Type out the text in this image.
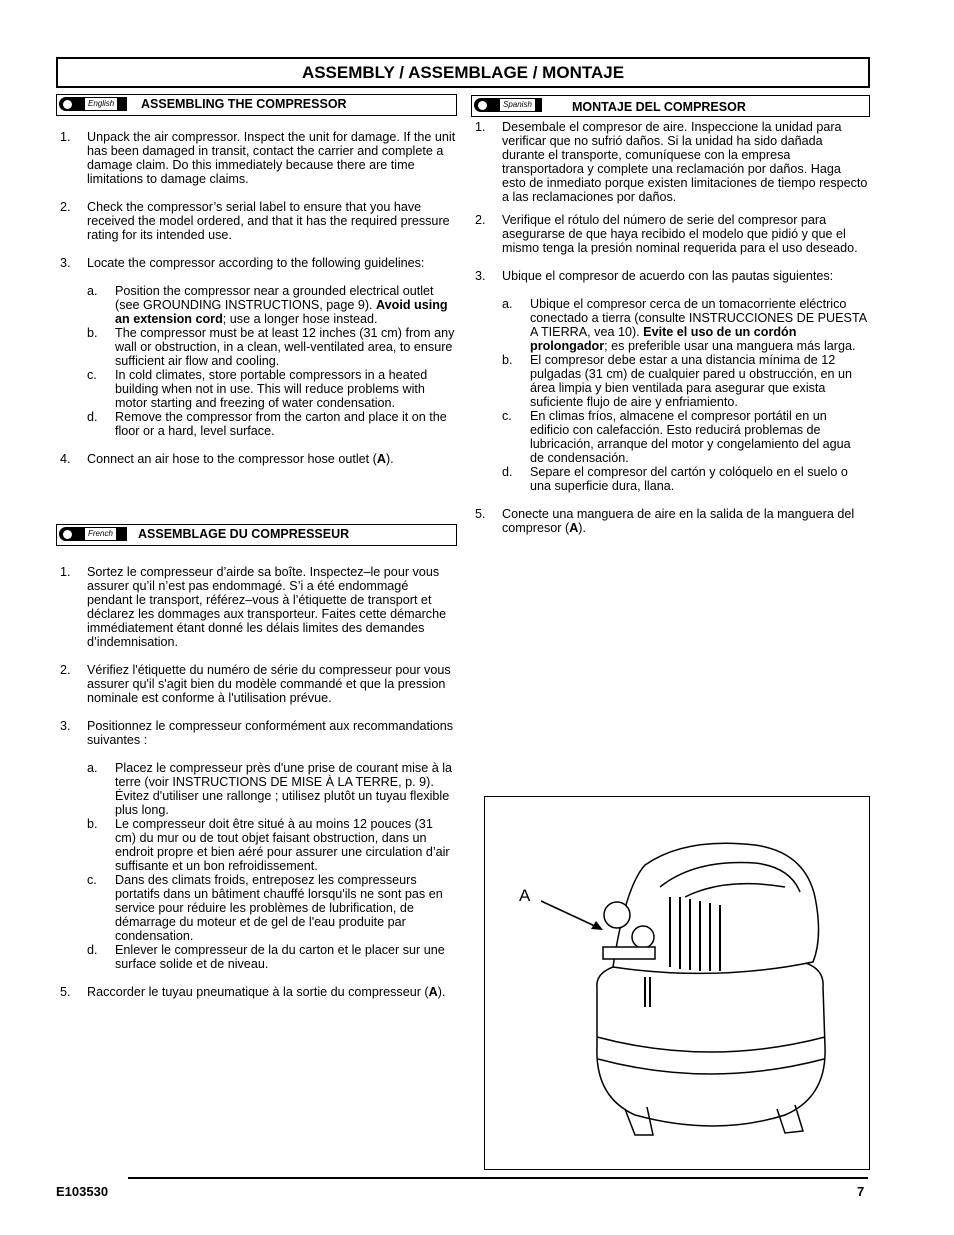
ASSEMBLY / ASSEMBLAGE / MONTAJE
English ASSEMBLING THE COMPRESSOR
1. Unpack the air compressor. Inspect the unit for damage. If the unit has been damaged in transit, contact the carrier and complete a damage claim. Do this immediately because there are time limitations to damage claims.
2. Check the compressor’s serial label to ensure that you have received the model ordered, and that it has the required pressure rating for its intended use.
3. Locate the compressor according to the following guidelines:
a. Position the compressor near a grounded electrical outlet (see GROUNDING INSTRUCTIONS, page 9). Avoid using an extension cord; use a longer hose instead.
b. The compressor must be at least 12 inches (31 cm) from any wall or obstruction, in a clean, well-ventilated area, to ensure sufficient air flow and cooling.
c. In cold climates, store portable compressors in a heated building when not in use. This will reduce problems with motor starting and freezing of water condensation.
d. Remove the compressor from the carton and place it on the floor or a hard, level surface.
4. Connect an air hose to the compressor hose outlet (A).
French ASSEMBLAGE DU COMPRESSEUR
1. Sortez le compresseur d’airde sa boîte. Inspectez–le pour vous assurer qu’il n’est pas endommagé. S’i a été endommagé pendant le transport, référez–vous à l’étiquette de transport et déclarez les dommages aux transporteur. Faites cette démarche immédiatement étant donné les délais limites des demandes d’indemnisation.
2. Vérifiez l'étiquette du numéro de série du compresseur pour vous assurer qu'il s'agit bien du modèle commandé et que la pression nominale est conforme à l'utilisation prévue.
3. Positionnez le compresseur conformément aux recommandations suivantes :
a. Placez le compresseur près d'une prise de courant mise à la terre (voir INSTRUCTIONS DE MISE À LA TERRE, p. 9). Évitez d'utiliser une rallonge ; utilisez plutôt un tuyau flexible plus long.
b. Le compresseur doit être situé à au moins 12 pouces (31 cm) du mur ou de tout objet faisant obstruction, dans un endroit propre et bien aéré pour assurer une circulation d’air suffisante et un bon refroidissement.
c. Dans des climats froids, entreposez les compresseurs portatifs dans un bâtiment chauffé lorsqu'ils ne sont pas en service pour réduire les problèmes de lubrification, de démarrage du moteur et de gel de l'eau produite par condensation.
d. Enlever le compresseur de la du carton et le placer sur une surface solide et de niveau.
5. Raccorder le tuyau pneumatique à la sortie du compresseur (A).
Spanish	MONTAJE DEL COMPRESOR
1. Desembale el compresor de aire. Inspeccione la unidad para verificar que no sufrió daños. Si la unidad ha sido dañada durante el transporte, comuníquese con la empresa transportadora y complete una reclamación por daños. Haga esto de inmediato porque existen limitaciones de tiempo respecto a las reclamaciones por daños.
2. Verifique el rótulo del número de serie del compresor para asegurarse de que haya recibido el modelo que pidió y que el mismo tenga la presión nominal requerida para el uso deseado.
3. Ubique el compresor de acuerdo con las pautas siguientes:
a. Ubique el compresor cerca de un tomacorriente eléctrico conectado a tierra (consulte INSTRUCCIONES DE PUESTA A TIERRA, vea 10). Evite el uso de un cordón prolongador; es preferible usar una manguera más larga.
b. El compresor debe estar a una distancia mínima de 12 pulgadas (31 cm) de cualquier pared u obstrucción, en un área limpia y bien ventilada para asegurar que exista suficiente flujo de aire y enfriamiento.
c. En climas fríos, almacene el compresor portátil en un edificio con calefacción. Esto reducirá problemas de lubricación, arranque del motor y congelamiento del agua de condensación.
d. Separe el compresor del cartón y colóquelo en el suelo o una superficie dura, llana.
5. Conecte una manguera de aire en la salida de la manguera del compresor (A).
A
E103530	7
